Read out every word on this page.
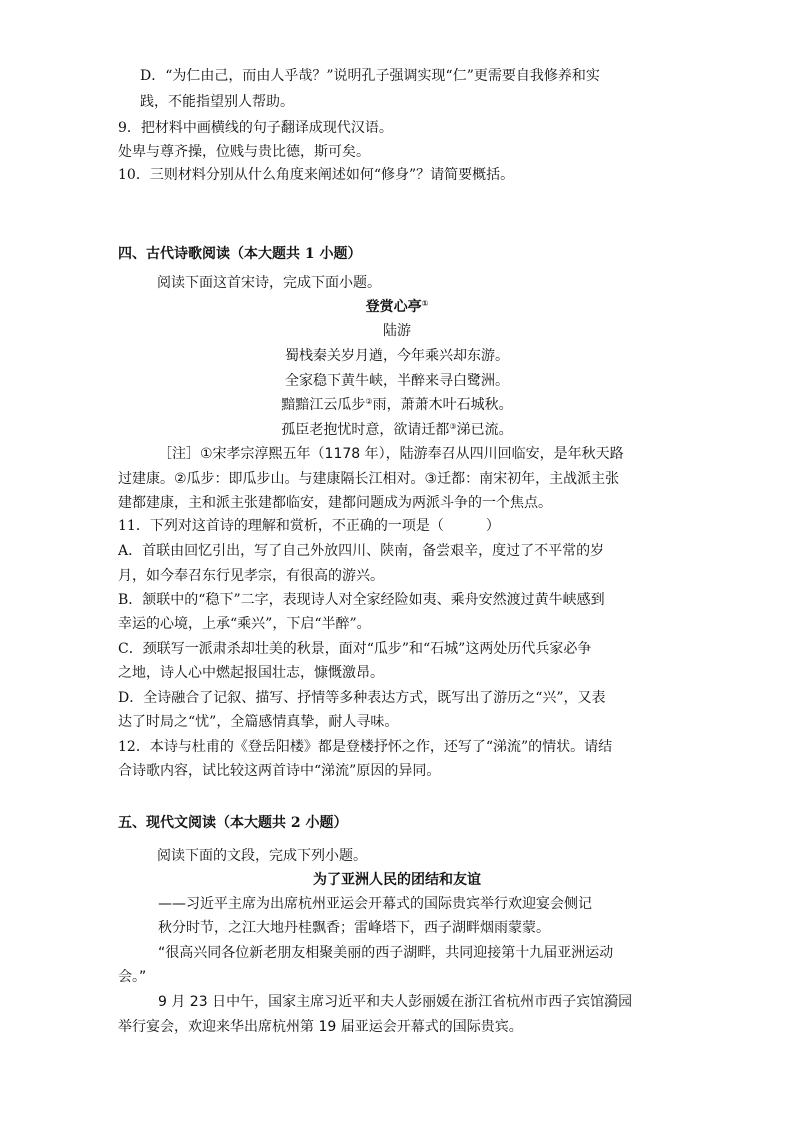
D．“为仁由己，而由人乎哉？”说明孔子强调实现“仁”更需要自我修养和实
践，不能指望别人帮助。
9．把材料中画横线的句子翻译成现代汉语。
处卑与尊齐操，位贱与贵比德，斯可矣。
10．三则材料分别从什么角度来阐述如何“修身”？请简要概括。
四、古代诗歌阅读（本大题共 1 小题）
阅读下面这首宋诗，完成下面小题。
登赏心亭①
陆游
蜀栈秦关岁月遒，今年乘兴却东游。
全家稳下黄牛峡，半醉来寻白鹭洲。
黯黯江云瓜步②雨，萧萧木叶石城秋。
孤臣老抱忧时意，欲请迁都③涕已流。
［注］①宋孝宗淳熙五年（1178 年），陆游奉召从四川回临安，是年秋天路
过建康。②瓜步：即瓜步山。与建康隔长江相对。③迁都：南宋初年，主战派主张
建都建康，主和派主张建都临安，建都问题成为两派斗争的一个焦点。
11．下列对这首诗的理解和赏析，不正确的一项是（　　　）
A．首联由回忆引出，写了自己外放四川、陕南，备尝艰辛，度过了不平常的岁
月，如今奉召东行见孝宗，有很高的游兴。
B．颔联中的“稳下”二字，表现诗人对全家经险如夷、乘舟安然渡过黄牛峡感到
幸运的心境，上承“乘兴”，下启“半醉”。
C．颈联写一派肃杀却壮美的秋景，面对“瓜步”和“石城”这两处历代兵家必争
之地，诗人心中燃起报国壮志，慷慨激昂。
D．全诗融合了记叙、描写、抒情等多种表达方式，既写出了游历之“兴”，又表
达了时局之“忧”，全篇感情真挚，耐人寻味。
12．本诗与杜甫的《登岳阳楼》都是登楼抒怀之作，还写了“涕流”的情状。请结
合诗歌内容，试比较这两首诗中“涕流”原因的异同。
五、现代文阅读（本大题共 2 小题）
阅读下面的文段，完成下列小题。
为了亚洲人民的团结和友谊
——习近平主席为出席杭州亚运会开幕式的国际贵宾举行欢迎宴会侧记
秋分时节，之江大地丹桂飘香；雷峰塔下，西子湖畔烟雨蒙蒙。
“很高兴同各位新老朋友相聚美丽的西子湖畔，共同迎接第十九届亚洲运动
会。”
9 月 23 日中午，国家主席习近平和夫人彭丽媛在浙江省杭州市西子宾馆漪园
举行宴会，欢迎来华出席杭州第 19 届亚运会开幕式的国际贵宾。
